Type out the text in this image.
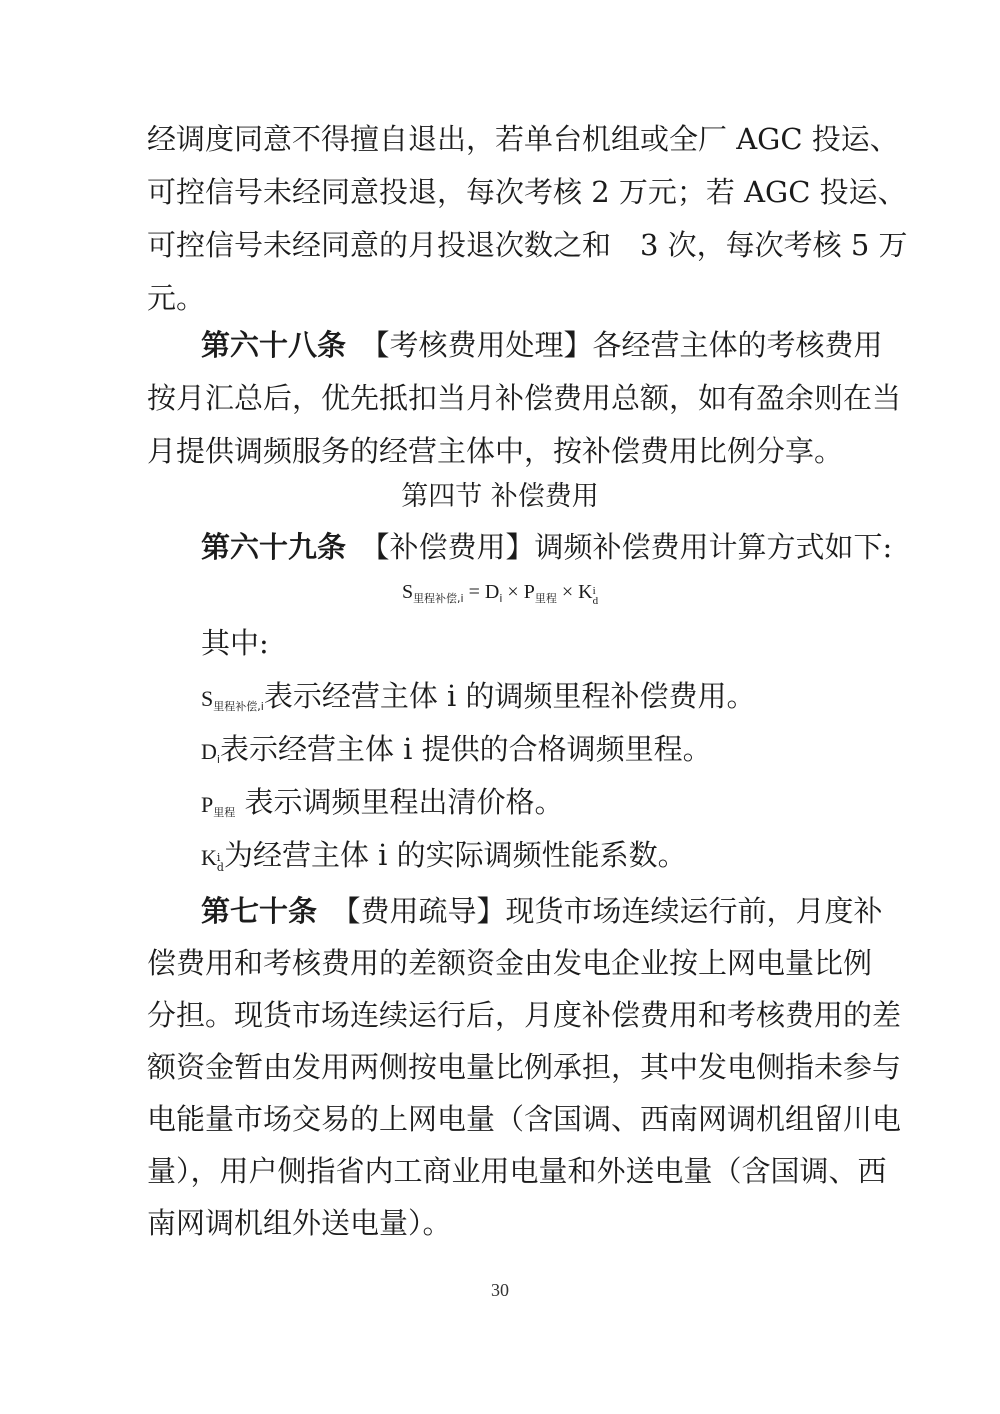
经调度同意不得擅自退出，若单台机组或全厂 AGC 投运、
可控信号未经同意投退，每次考核 2 万元；若 AGC 投运、
可控信号未经同意的月投退次数之和　3 次，每次考核 5 万
元。
第六十八条　 【考核费用处理】各经营主体的考核费用
按月汇总后，优先抵扣当月补偿费用总额，如有盈余则在当
月提供调频服务的经营主体中，按补偿费用比例分享。
第四节 补偿费用
第六十九条　 【补偿费用】调频补偿费用计算方式如下:
$S_{里程补偿,i} = D_i \times P_{里程} \times K$ i
d
其中:
$S_{里程补偿,i}$表示经营主体 i 的调频里程补偿费用。
$D_i$表示经营主体 i 提供的合格调频里程。
$P_{里程}$ 表示调频里程出清价格。
K i
d 为经营主体 i 的实际调频性能系数。
第七十条　 【费用疏导】现货市场连续运行前，月度补
偿费用和考核费用的差额资金由发电企业按上网电量比例
分担。现货市场连续运行后，月度补偿费用和考核费用的差
额资金暂由发用两侧按电量比例承担，其中发电侧指未参与
电能量市场交易的上网电量（含国调、西南网调机组留川电
量），用户侧指省内工商业用电量和外送电量（含国调、西
南网调机组外送电量）。
30
